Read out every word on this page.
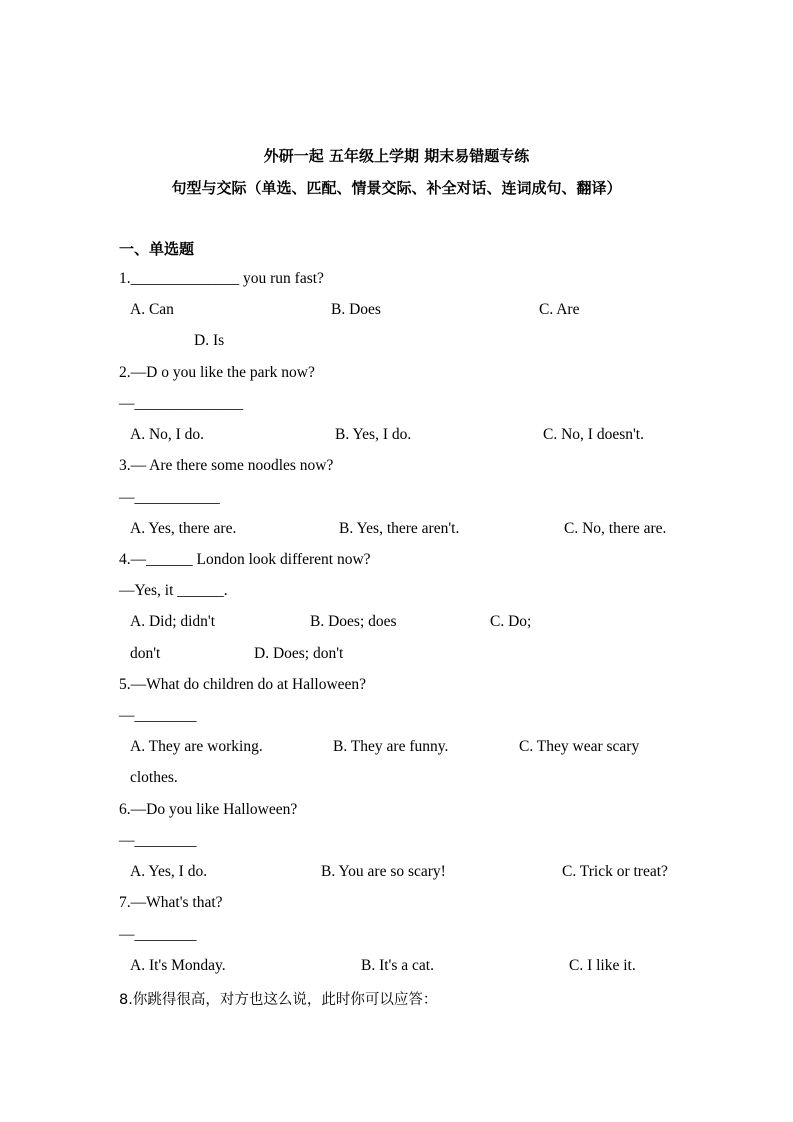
外研一起 五年级上学期 期末易错题专练
句型与交际（单选、匹配、情景交际、补全对话、连词成句、翻译）
一、单选题
1.______________ you run fast?
A. Can	B. Does	C. Are
D. Is
2.—D o you like the park now?
—______________
A. No, I do.	B. Yes, I do.	C. No, I doesn't.
3.— Are there some noodles now?
—___________
A. Yes, there are.	B. Yes, there aren't.	C. No, there are.
4.—______ London look different now?
—Yes, it ______.
A. Did; didn't	B. Does; does	C. Do;
don't	D. Does; don't
5.—What do children do at Halloween?
—________
A. They are working.	B. They are funny.	C. They wear scary
clothes.
6.—Do you like Halloween?
—________
A. Yes, I do.	B. You are so scary!	C. Trick or treat?
7.—What's that?
—________
A. It's Monday.	B. It's a cat.	C. I like it.
8.你跳得很高，对方也这么说，此时你可以应答：
